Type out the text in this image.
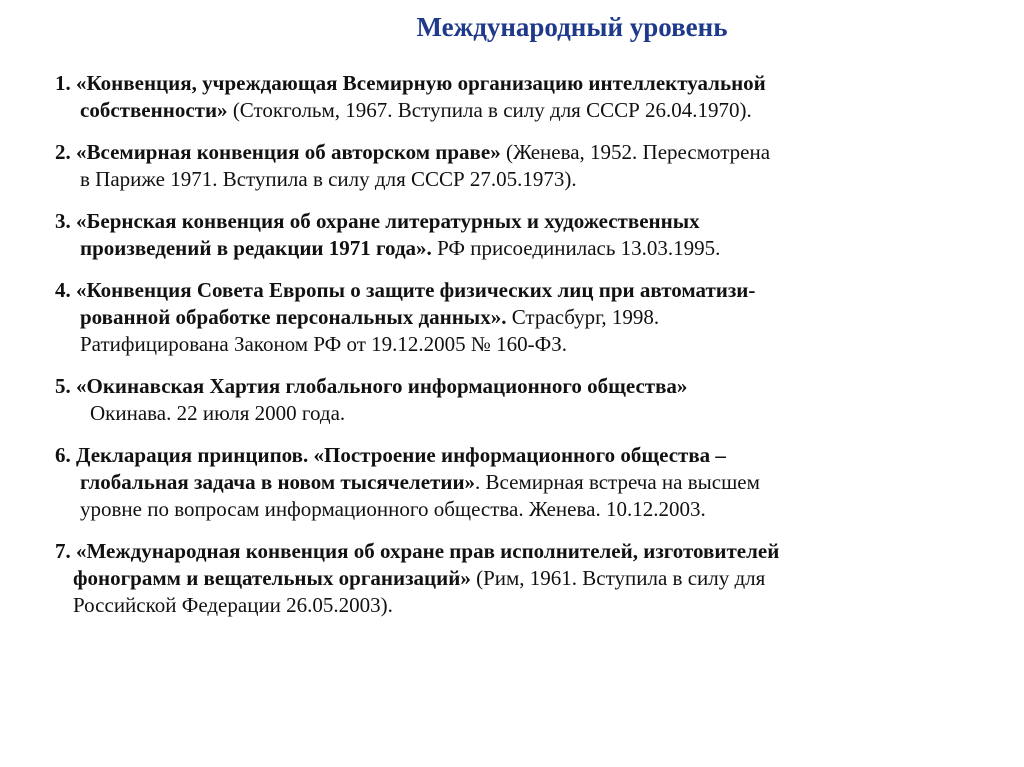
Международный уровень
1. «Конвенция, учреждающая Всемирную организацию интеллектуальной
собственности» (Стокгольм, 1967. Вступила в силу для СССР 26.04.1970).
2. «Всемирная конвенция об авторском праве» (Женева, 1952. Пересмотрена
в Париже 1971. Вступила в силу для СССР 27.05.1973).
3. «Бернская конвенция об охране литературных и художественных
произведений в редакции 1971 года». РФ присоединилась 13.03.1995.
4. «Конвенция Совета Европы о защите физических лиц при автоматизи-
рованной обработке персональных данных». Страсбург, 1998.
Ратифицирована Законом РФ от 19.12.2005 № 160-ФЗ.
5. «Окинавская Хартия глобального информационного общества»
Окинава. 22 июля 2000 года.
6. Декларация принципов. «Построение информационного общества –
глобальная задача в новом тысячелетии». Всемирная встреча на высшем
уровне по вопросам информационного общества. Женева. 10.12.2003.
7. «Международная конвенция об охране прав исполнителей, изготовителей
фонограмм и вещательных организаций» (Рим, 1961. Вступила в силу для
Российской Федерации 26.05.2003).
